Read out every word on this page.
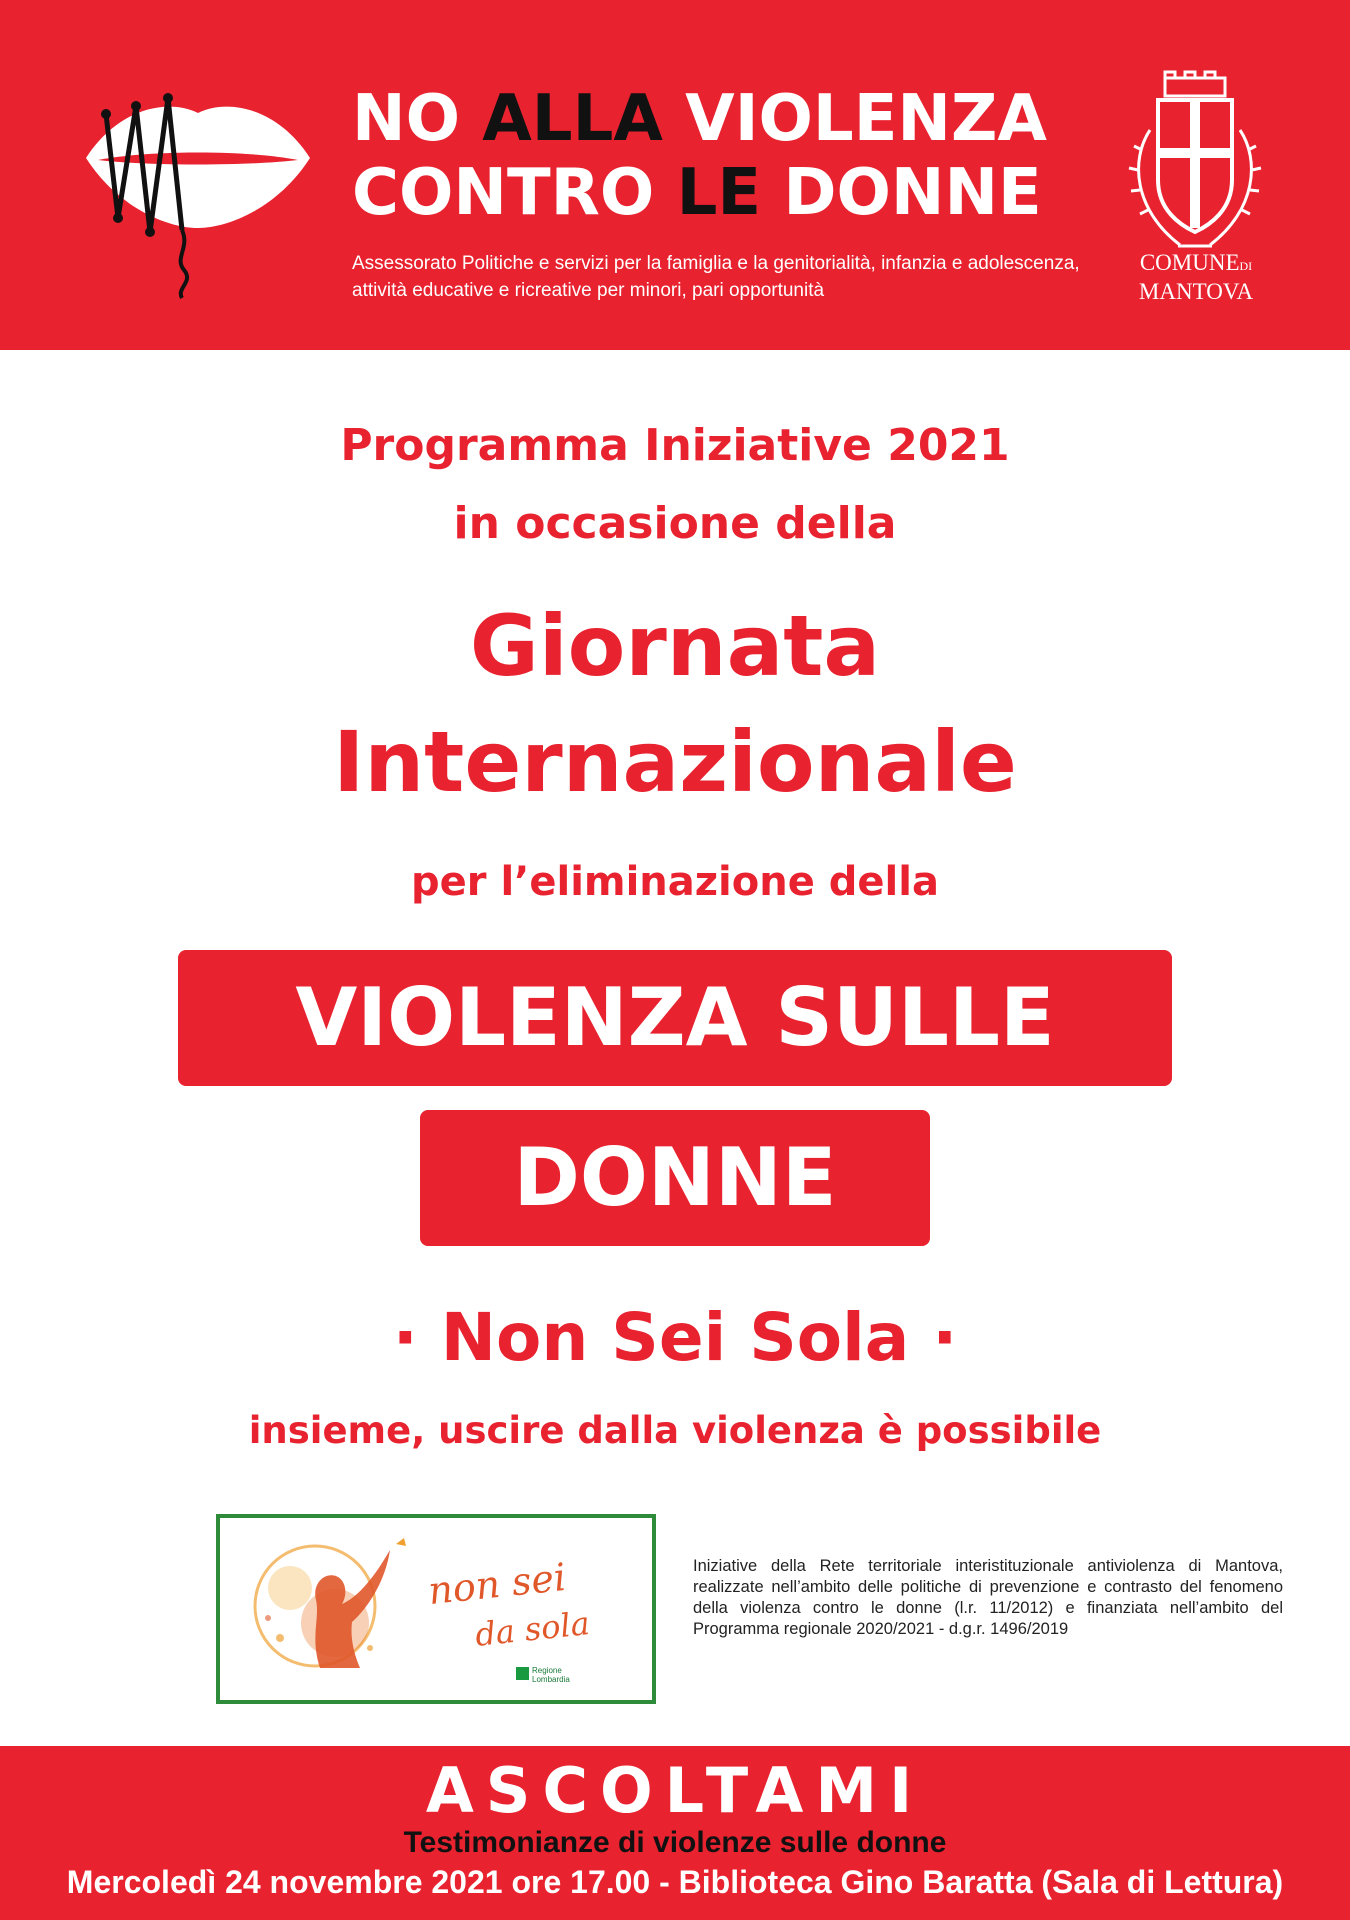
NO ALLA VIOLENZA
CONTRO LE DONNE
Assessorato Politiche e servizi per la famiglia e la genitorialità, infanzia e adolescenza, attività educative e ricreative per minori, pari opportunità
COMUNEDI
MANTOVA
Programma Iniziative 2021
in occasione della
Giornata
Internazionale
per l’eliminazione della
VIOLENZA SULLE
DONNE
· Non Sei Sola ·
insieme, uscire dalla violenza è possibile
non sei
da sola
Regione Lombardia
Iniziative della Rete territoriale interistituzionale antiviolenza di Mantova, realizzate nell’ambito delle politiche di prevenzione e contrasto del fenomeno della violenza contro le donne (l.r. 11/2012) e finanziata nell’ambito del Programma regionale 2020/2021 - d.g.r. 1496/2019
ASCOLTAMI
Testimonianze di violenze sulle donne
Mercoledì 24 novembre 2021 ore 17.00 - Biblioteca Gino Baratta (Sala di Lettura)
